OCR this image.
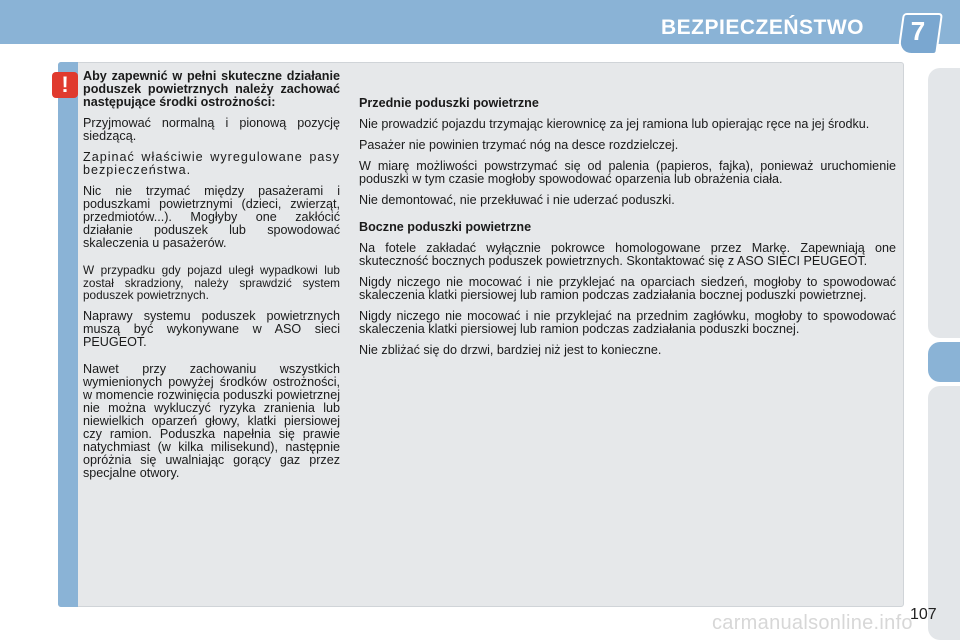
BEZPIECZEŃSTWO 7
!	Aby zapewnić w pełni skuteczne działanie poduszek powietrznych należy zachować następujące środki ostrożności:

Przyjmować normalną i pionową pozycję siedzącą.

Zapinać właściwie wyregulowane pasy bezpieczeństwa.

Nic nie trzymać między pasażerami i poduszkami powietrznymi (dzieci, zwierząt, przedmiotów...). Mogłyby one zakłócić działanie poduszek lub spowodować skaleczenia u pasażerów.

W przypadku gdy pojazd uległ wypadkowi lub został skradziony, należy sprawdzić system poduszek powietrznych.

Naprawy systemu poduszek powietrznych muszą być wykonywane w ASO sieci PEUGEOT.

Nawet przy zachowaniu wszystkich wymienionych powyżej środków ostrożności, w momencie rozwinięcia poduszki powietrznej nie można wykluczyć ryzyka zranienia lub niewielkich oparzeń głowy, klatki piersiowej czy ramion. Poduszka napełnia się prawie natychmiast (w kilka milisekund), następnie opróżnia się uwalniając gorący gaz przez specjalne otwory.

Przednie poduszki powietrzne

Nie prowadzić pojazdu trzymając kierownicę za jej ramiona lub opierając ręce na jej środku.

Pasażer nie powinien trzymać nóg na desce rozdzielczej.

W miarę możliwości powstrzymać się od palenia (papieros, fajka), ponieważ uruchomienie poduszki w tym czasie mogłoby spowodować oparzenia lub obrażenia ciała.

Nie demontować, nie przekłuwać i nie uderzać poduszki.

Boczne poduszki powietrzne

Na fotele zakładać wyłącznie pokrowce homologowane przez Markę. Zapewniają one skuteczność bocznych poduszek powietrznych. Skontaktować się z ASO SIECI PEUGEOT.

Nigdy niczego nie mocować i nie przyklejać na oparciach siedzeń, mogłoby to spowodować skaleczenia klatki piersiowej lub ramion podczas zadziałania bocznej poduszki powietrznej.

Nigdy niczego nie mocować i nie przyklejać na przednim zagłówku, mogłoby to spowodować skaleczenia klatki piersiowej lub ramion podczas zadziałania poduszki bocznej.

Nie zbliżać się do drzwi, bardziej niż jest to konieczne.

carmanualsonline.info
107
